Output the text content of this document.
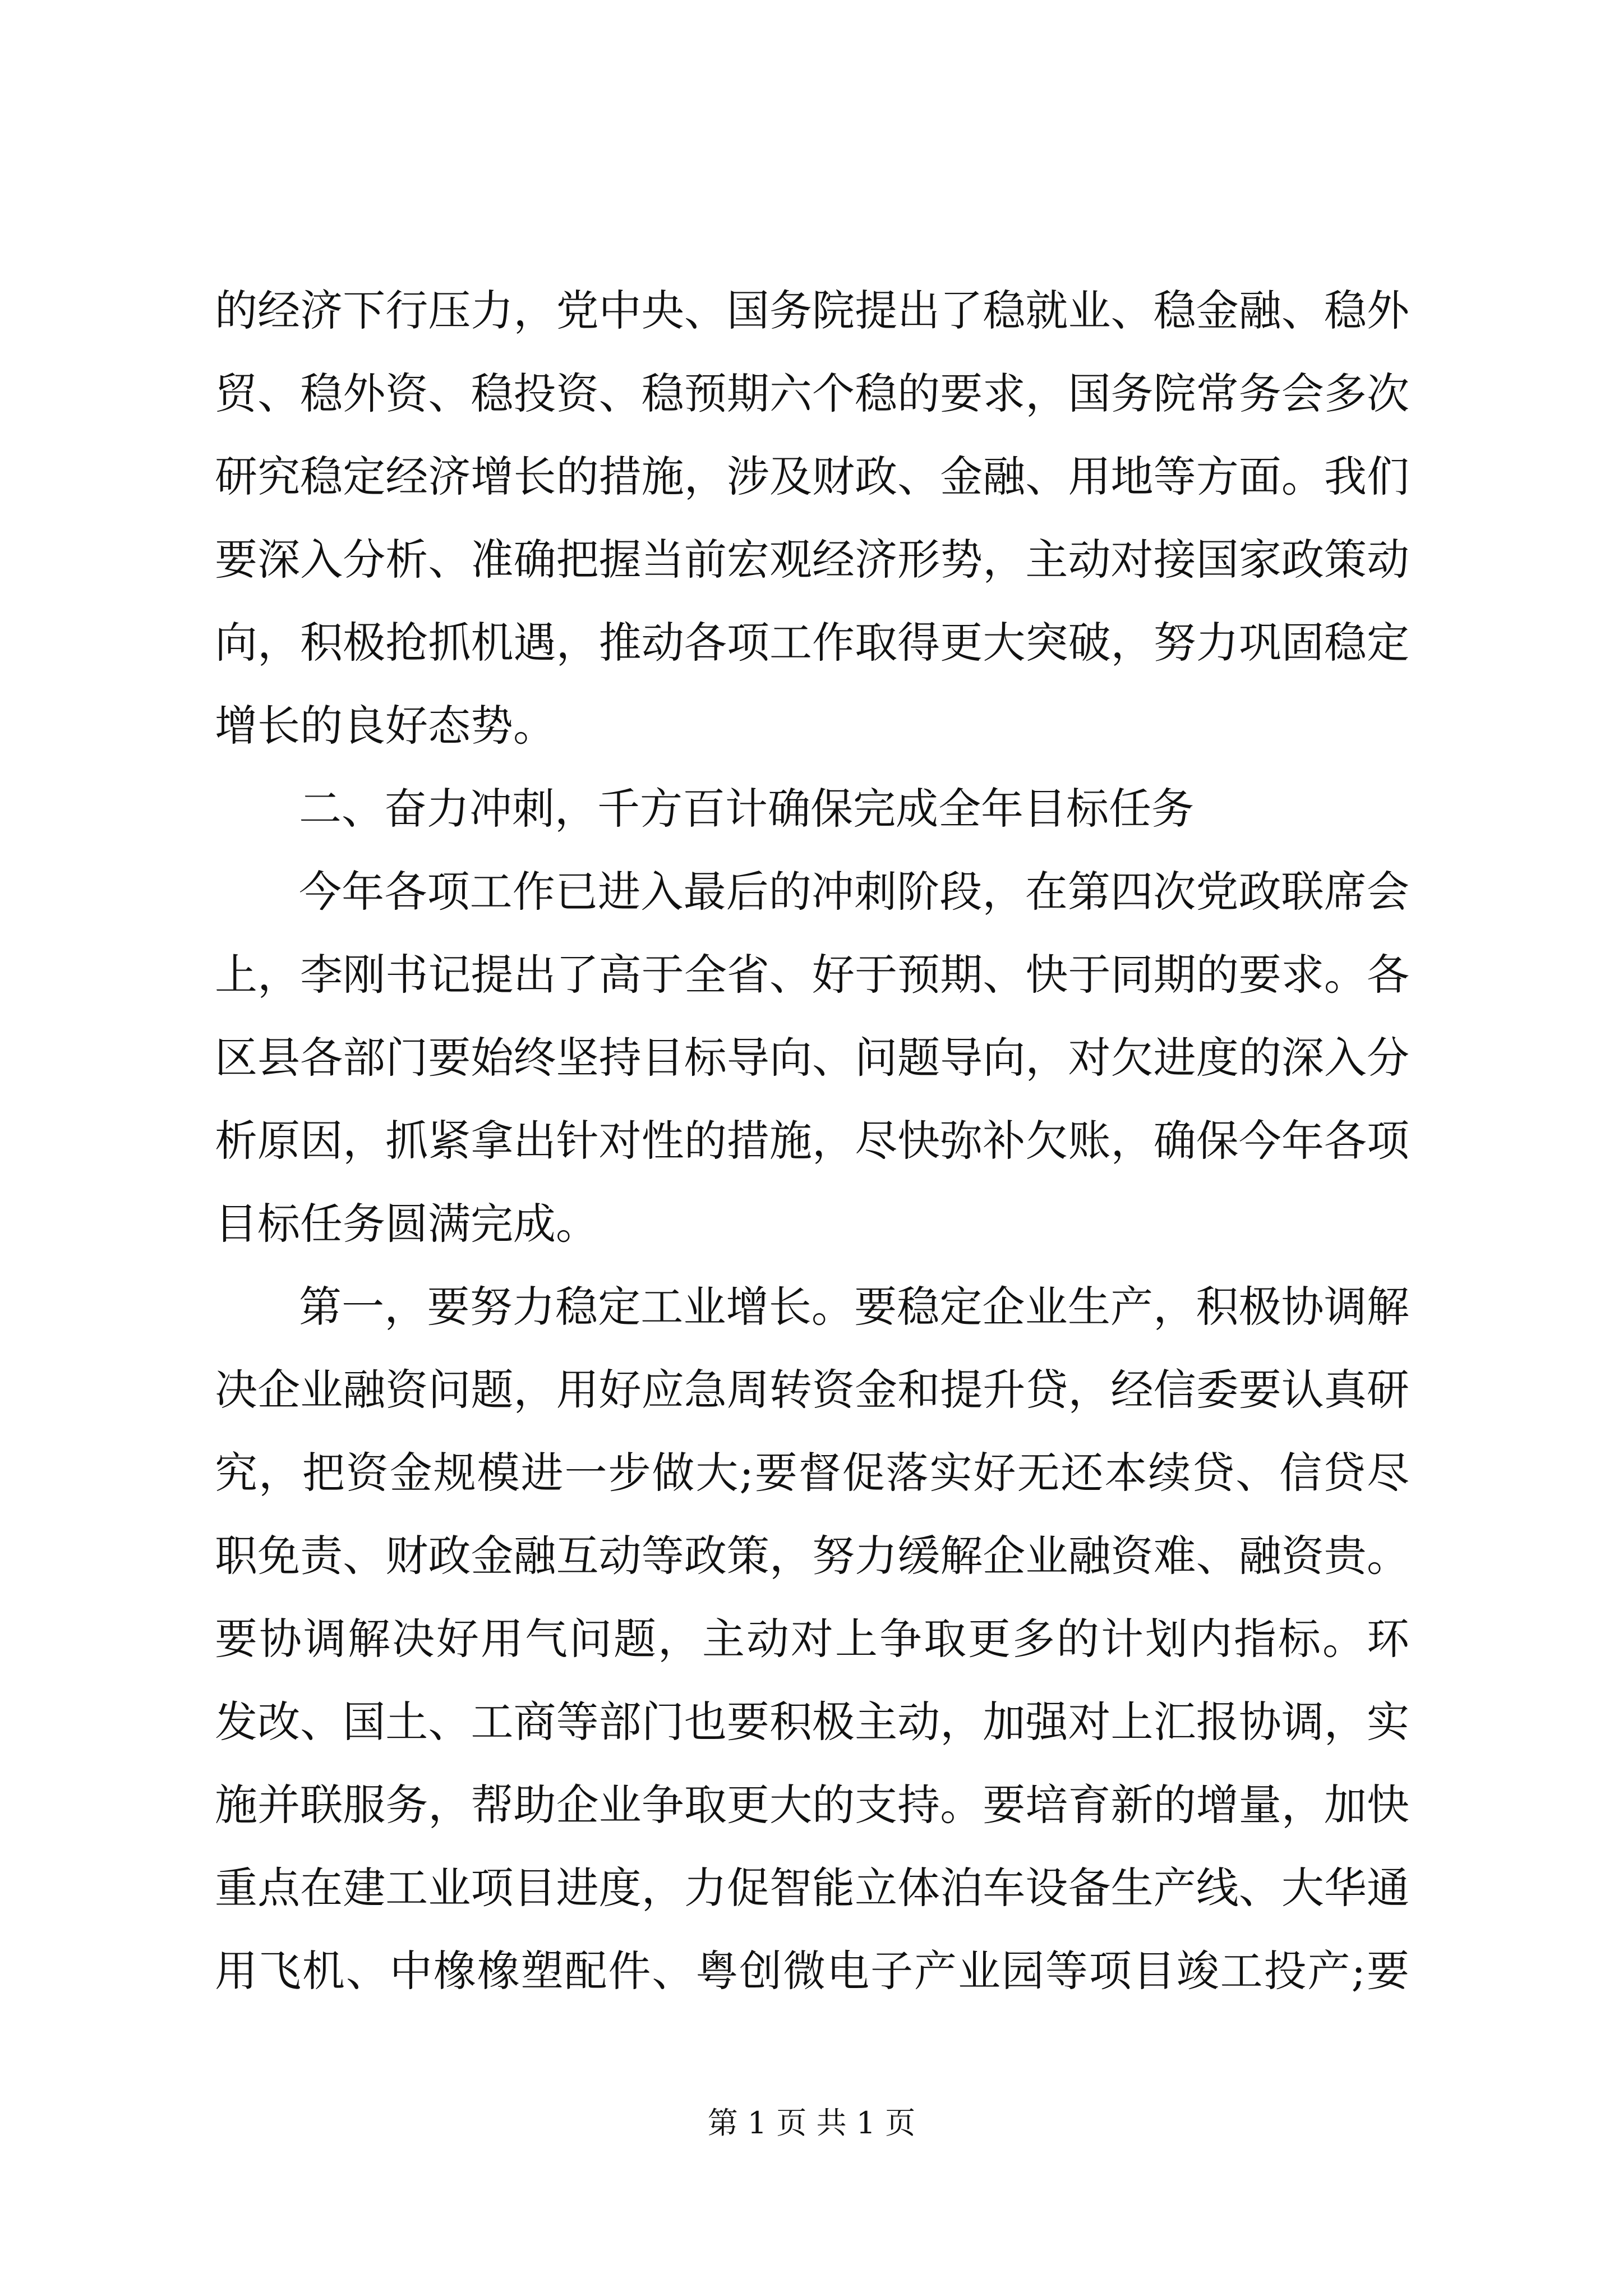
的经济下行压力，党中央、国务院提出了稳就业、稳金融、稳外
贸、稳外资、稳投资、稳预期六个稳的要求，国务院常务会多次
研究稳定经济增长的措施，涉及财政、金融、用地等方面。我们
要深入分析、准确把握当前宏观经济形势，主动对接国家政策动
向，积极抢抓机遇，推动各项工作取得更大突破，努力巩固稳定
增长的良好态势。
二、奋力冲刺，千方百计确保完成全年目标任务
今年各项工作已进入最后的冲刺阶段，在第四次党政联席会
上，李刚书记提出了高于全省、好于预期、快于同期的要求。各
区县各部门要始终坚持目标导向、问题导向，对欠进度的深入分
析原因，抓紧拿出针对性的措施，尽快弥补欠账，确保今年各项
目标任务圆满完成。
第一，要努力稳定工业增长。要稳定企业生产，积极协调解
决企业融资问题，用好应急周转资金和提升贷，经信委要认真研
究，把资金规模进一步做大;要督促落实好无还本续贷、信贷尽
职免责、财政金融互动等政策，努力缓解企业融资难、融资贵。
要协调解决好用气问题，主动对上争取更多的计划内指标。环
发改、国土、工商等部门也要积极主动，加强对上汇报协调，实
施并联服务，帮助企业争取更大的支持。要培育新的增量，加快
重点在建工业项目进度，力促智能立体泊车设备生产线、大华通
用飞机、中橡橡塑配件、粤创微电子产业园等项目竣工投产;要
第 1 页 共 1 页
